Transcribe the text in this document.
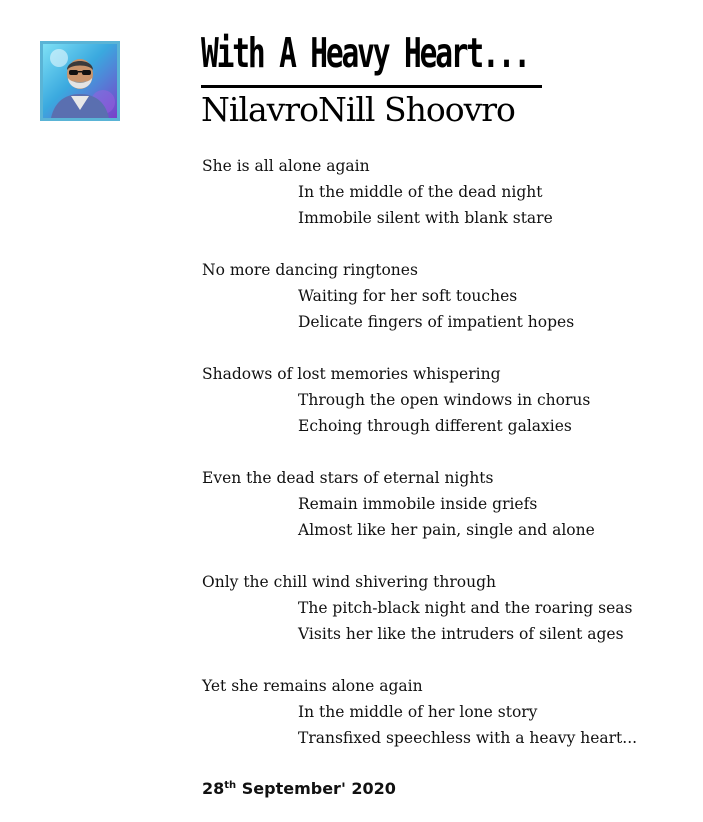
With A Heavy Heart...
NilavroNill Shoovro
She is all alone again
In the middle of the dead night
Immobile silent with blank stare
No more dancing ringtones
Waiting for her soft touches
Delicate fingers of impatient hopes
Shadows of lost memories whispering
Through the open windows in chorus
Echoing through different galaxies
Even the dead stars of eternal nights
Remain immobile inside griefs
Almost like her pain, single and alone
Only the chill wind shivering through
The pitch-black night and the roaring seas
Visits her like the intruders of silent ages
Yet she remains alone again
In the middle of her lone story
Transfixed speechless with a heavy heart...
28th September' 2020
